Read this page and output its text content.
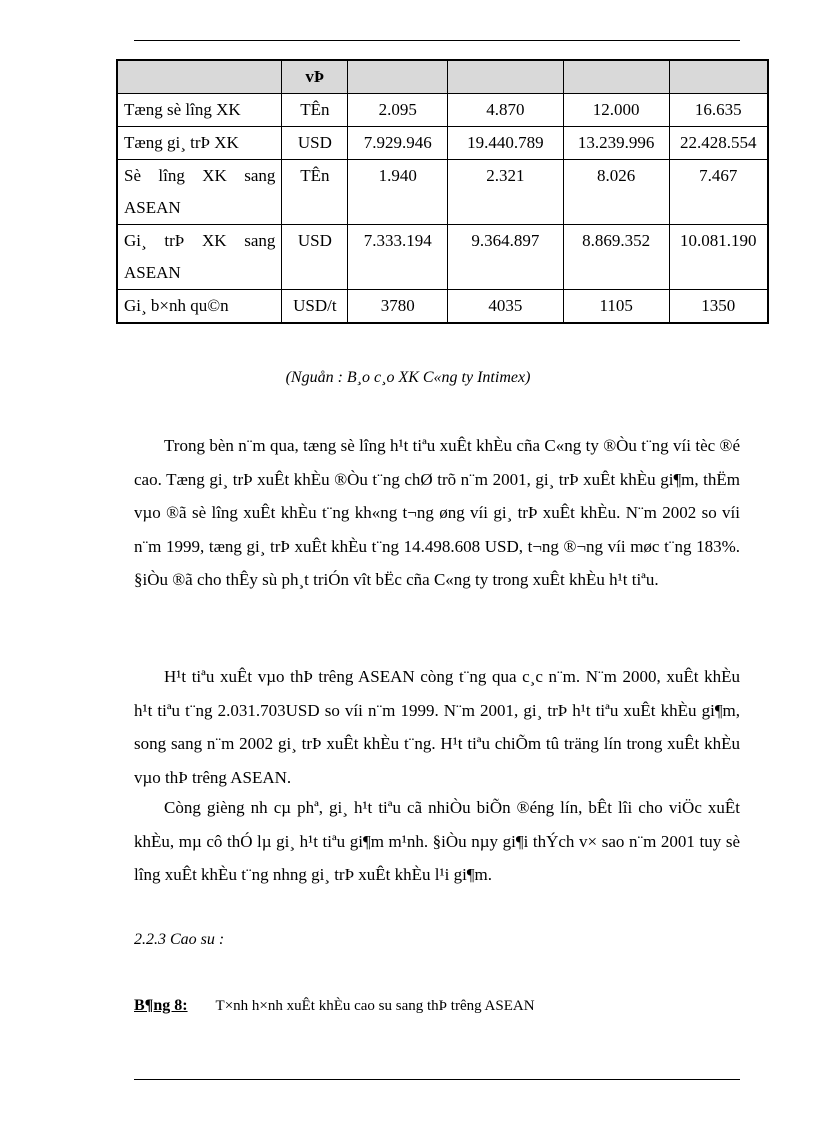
	vÞ				
Tæng sè lîng XK	TÊn	2.095	4.870	12.000	16.635
Tæng gi¸ trÞ XK	USD	7.929.946	19.440.789	13.239.996	22.428.554
Sè lîng XK sang ASEAN	TÊn	1.940	2.321	8.026	7.467
Gi¸ trÞ XK sang ASEAN	USD	7.333.194	9.364.897	8.869.352	10.081.190
Gi¸ b×nh qu©n	USD/t	3780	4035	1105	1350
(Nguån : B¸o c¸o XK C«ng ty Intimex)

Trong bèn n¨m qua, tæng sè lîng h¹t tiªu xuÊt khÈu cña C«ng ty ®Òu t¨ng víi tèc ®é cao. Tæng gi¸ trÞ xuÊt khÈu ®Òu t¨ng chØ trõ n¨m 2001, gi¸ trÞ xuÊt khÈu gi¶m, thËm vµo ®ã sè lîng xuÊt khÈu t¨ng kh«ng t¬ng øng víi gi¸ trÞ xuÊt khÈu. N¨m 2002 so víi n¨m 1999, tæng gi¸ trÞ xuÊt khÈu t¨ng 14.498.608 USD, t¬ng ®¬ng víi møc t¨ng 183%. §iÒu ®ã cho thÊy sù ph¸t triÓn vît bËc cña C«ng ty trong xuÊt khÈu h¹t tiªu.

H¹t tiªu xuÊt vµo thÞ trêng ASEAN còng t¨ng qua c¸c n¨m. N¨m 2000, xuÊt khÈu h¹t tiªu t¨ng 2.031.703USD so víi n¨m 1999. N¨m 2001, gi¸ trÞ h¹t tiªu xuÊt khÈu gi¶m, song sang n¨m 2002 gi¸ trÞ xuÊt khÈu t¨ng. H¹t tiªu chiÕm tû träng lín trong xuÊt khÈu vµo thÞ trêng ASEAN.

Còng gièng nh cµ phª, gi¸ h¹t tiªu cã nhiÒu biÕn ®éng lín, bÊt lîi cho viÖc xuÊt khÈu, mµ cô thÓ lµ gi¸ h¹t tiªu gi¶m m¹nh. §iÒu nµy gi¶i thÝch v× sao n¨m 2001 tuy sè lîng xuÊt khÈu t¨ng nhng gi¸ trÞ xuÊt khÈu l¹i gi¶m.

2.2.3 Cao su :
B¶ng 8: T×nh h×nh xuÊt khÈu cao su sang thÞ trêng ASEAN
